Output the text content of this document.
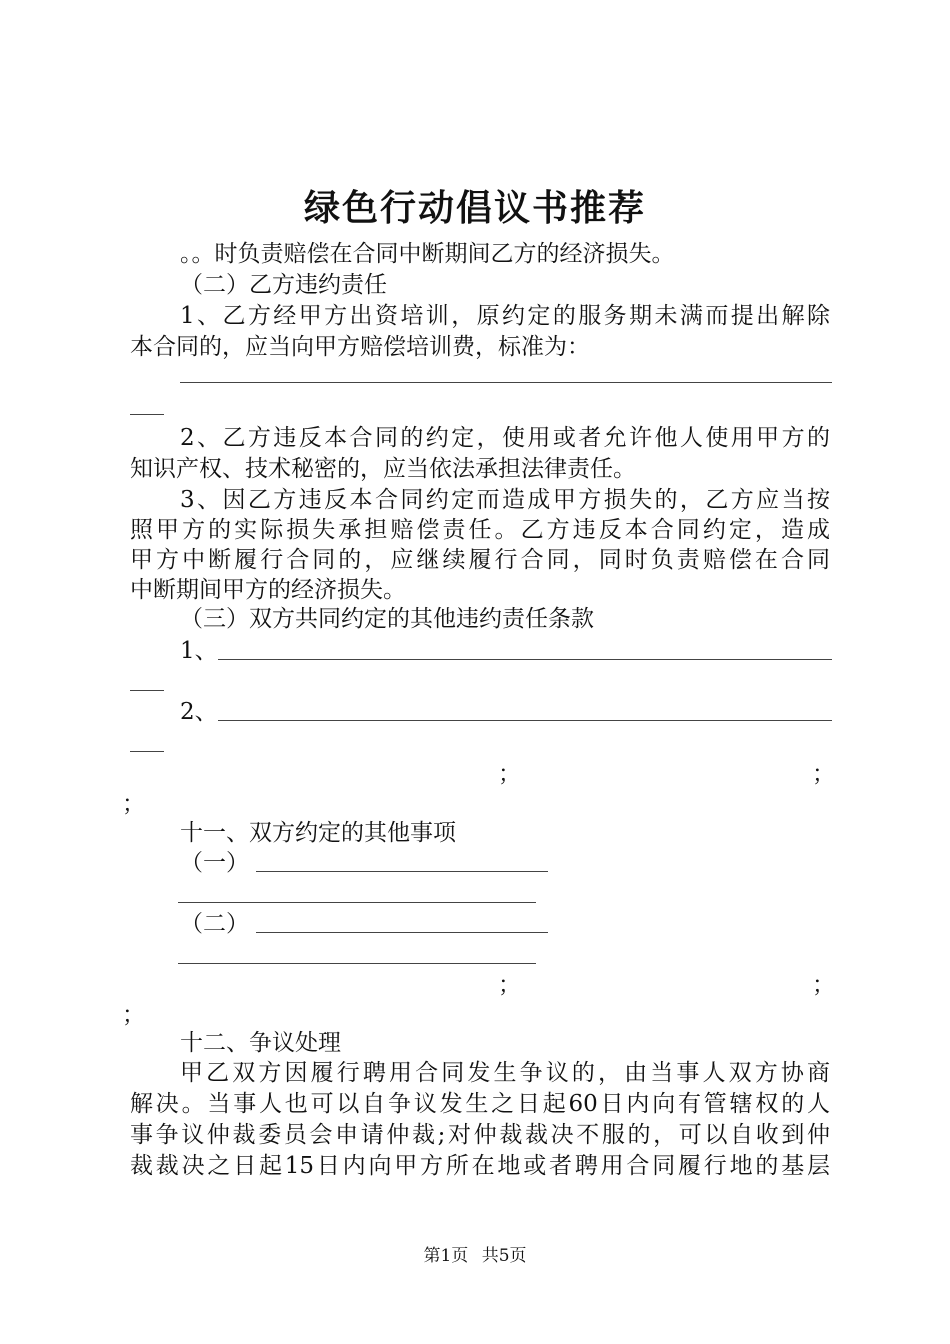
绿色行动倡议书推荐
。。时负责赔偿在合同中断期间乙方的经济损失。
（二）乙方违约责任
1、乙方经甲方出资培训，原约定的服务期未满而提出解除
本合同的，应当向甲方赔偿培训费，标准为：
2、乙方违反本合同的约定，使用或者允许他人使用甲方的
知识产权、技术秘密的，应当依法承担法律责任。
3、因乙方违反本合同约定而造成甲方损失的，乙方应当按
照甲方的实际损失承担赔偿责任。乙方违反本合同约定，造成
甲方中断履行合同的，应继续履行合同，同时负责赔偿在合同
中断期间甲方的经济损失。
（三）双方共同约定的其他违约责任条款
1、
2、
；	；
；
十一、双方约定的其他事项
（一）
（二）
；	；
；
十二、争议处理
甲乙双方因履行聘用合同发生争议的，由当事人双方协商
解决。当事人也可以自争议发生之日起60日内向有管辖权的人
事争议仲裁委员会申请仲裁;对仲裁裁决不服的，可以自收到仲
裁裁决之日起15日内向甲方所在地或者聘用合同履行地的基层
第1页 共5页
